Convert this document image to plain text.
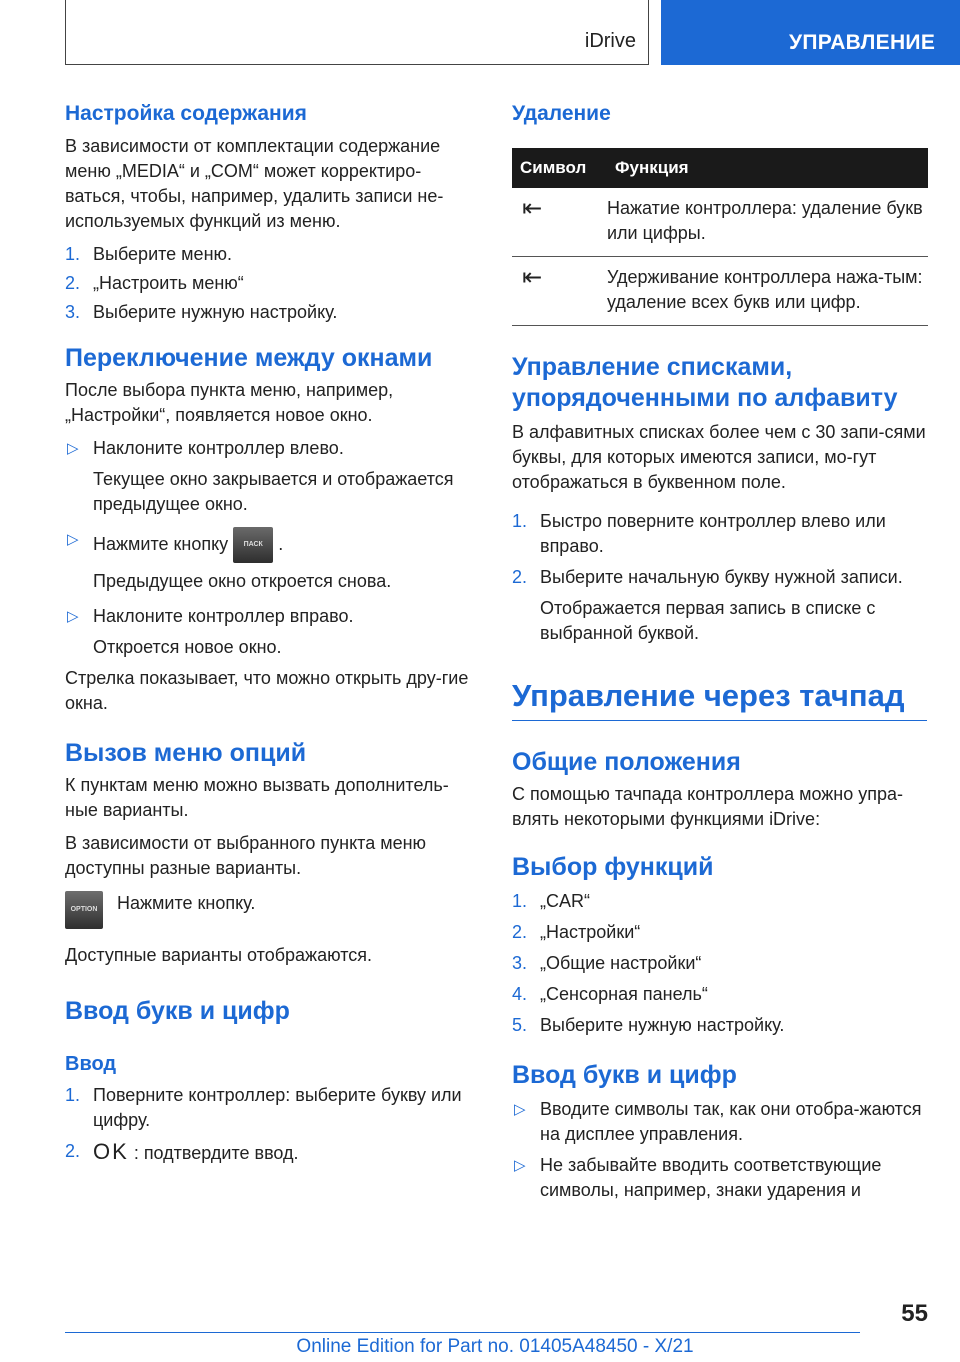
iDrive	УПРАВЛЕНИЕ
Настройка содержания

В зависимости от комплектации содержание меню „MEDIA“ и „COM“ может корректиро-ваться, чтобы, например, удалить записи не-используемых функций из меню.

1. Выберите меню.
2. „Настроить меню“
3. Выберите нужную настройку.
Переключение между окнами

После выбора пункта меню, например, „Настройки“, появляется новое окно.

▷ Наклоните контроллер влево.
Текущее окно закрывается и отображается предыдущее окно.
▷ Нажмите кнопку ПАСК .
Предыдущее окно откроется снова.
▷ Наклоните контроллер вправо.
Откроется новое окно.

Стрелка показывает, что можно открыть дру-гие окна.

Вызов меню опций

К пунктам меню можно вызвать дополнитель-ные варианты.

В зависимости от выбранного пункта меню доступны разные варианты.

OPTION	Нажмите кнопку.

Доступные варианты отображаются.

Ввод букв и цифр
Ввод
1. Поверните контроллер: выберите букву или цифру.
2. OK : подтвердите ввод.
Удаление
Символ	Функция
⇤	Нажатие контроллера: удаление букв или цифры.
⇤	Удерживание контроллера нажа-тым: удаление всех букв или цифр.
Управление списками, упорядоченными по алфавиту

В алфавитных списках более чем с 30 запи-сями буквы, для которых имеются записи, мо-гут отображаться в буквенном поле.

1. Быстро поверните контроллер влево или вправо.
2. Выберите начальную букву нужной записи.
Отображается первая запись в списке с выбранной буквой.
Управление через тачпад
Общие положения

С помощью тачпада контроллера можно упра-влять некоторыми функциями iDrive:

Выбор функций
1. „CAR“
2. „Настройки“
3. „Общие настройки“
4. „Сенсорная панель“
5. Выберите нужную настройку.
Ввод букв и цифр
▷ Вводите символы так, как они отобра-жаются на дисплее управления.
▷ Не забывайте вводить соответствующие символы, например, знаки ударения и
55
Online Edition for Part no. 01405A48450 - X/21
